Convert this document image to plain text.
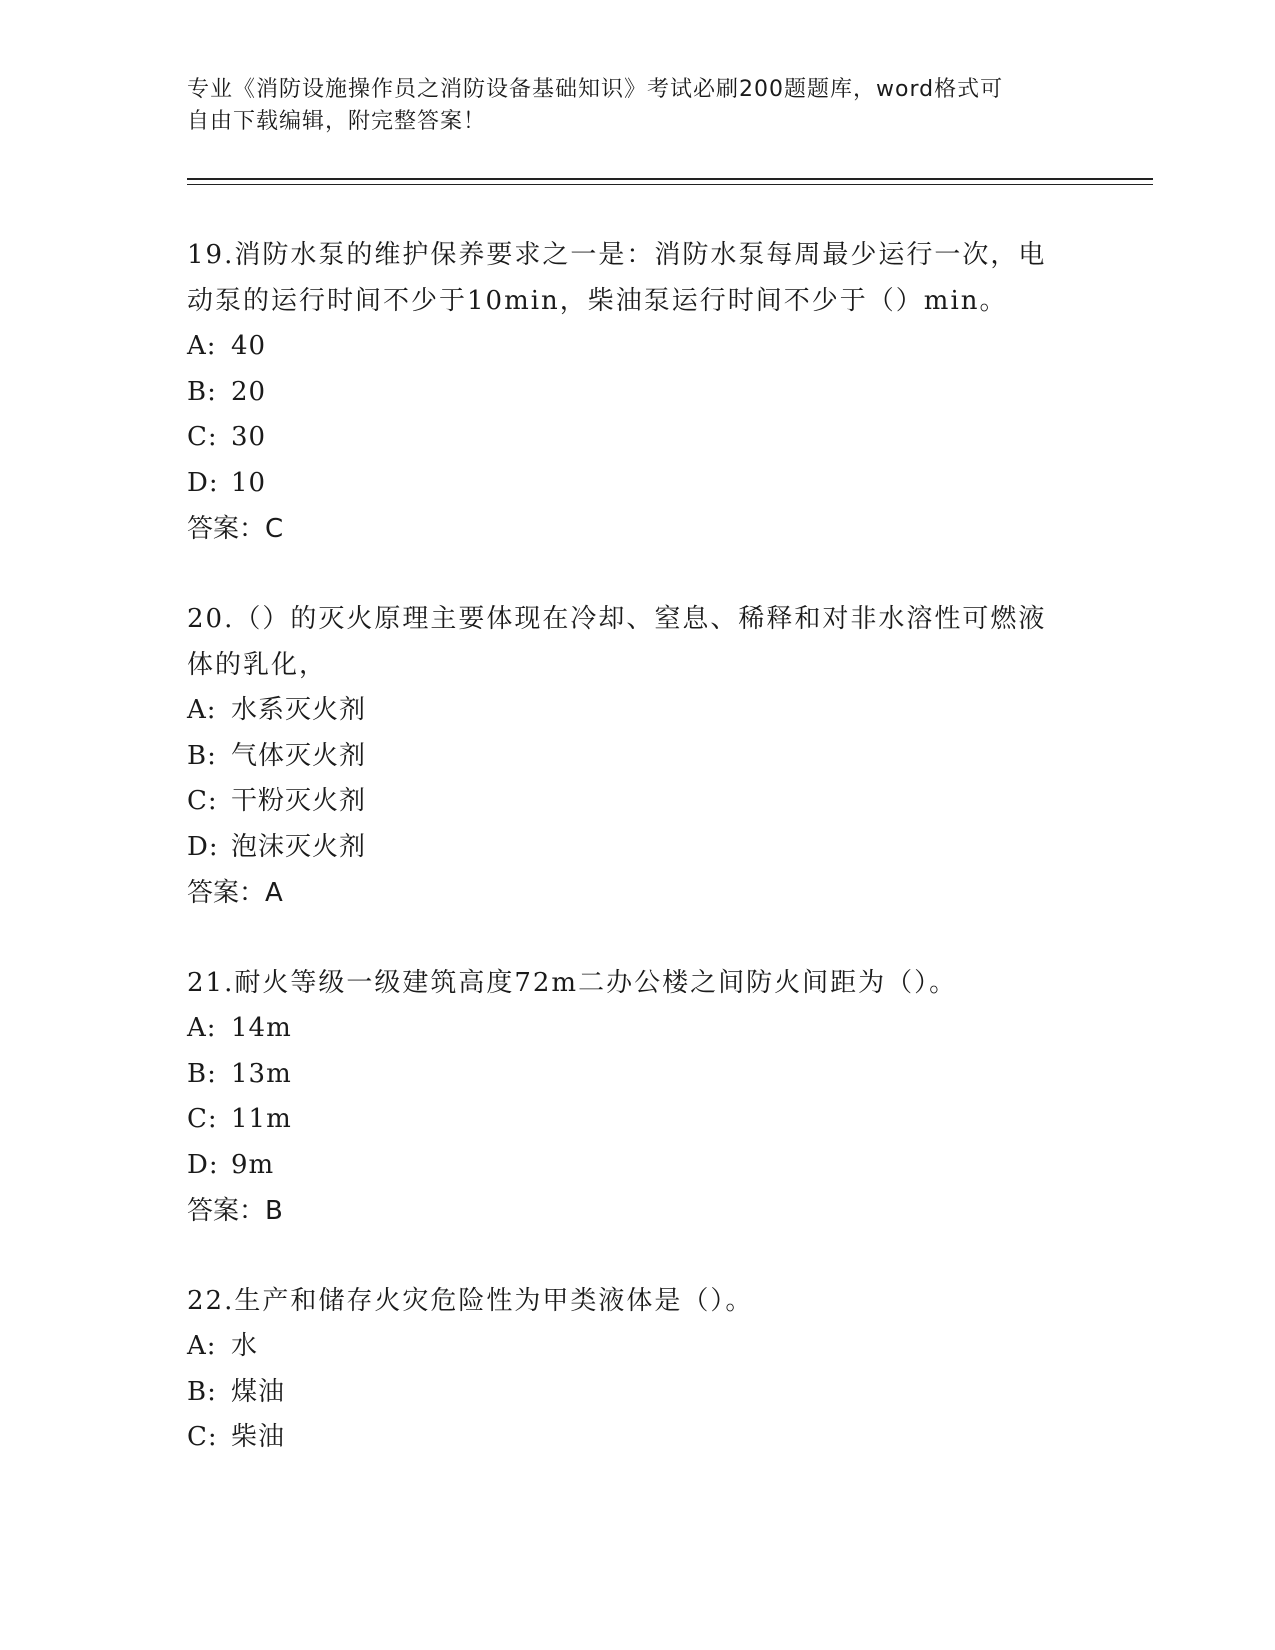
专业《消防设施操作员之消防设备基础知识》考试必刷200题题库，word格式可
自由下载编辑，附完整答案！
19.消防水泵的维护保养要求之一是：消防水泵每周最少运行一次，电
动泵的运行时间不少于10min，柴油泵运行时间不少于（）min。
A: 40
B: 20
C: 30
D: 10
答案：C
20.（）的灭火原理主要体现在冷却、窒息、稀释和对非水溶性可燃液
体的乳化，
A: 水系灭火剂
B: 气体灭火剂
C: 干粉灭火剂
D: 泡沫灭火剂
答案：A
21.耐火等级一级建筑高度72m二办公楼之间防火间距为（）。
A: 14m
B: 13m
C: 11m
D: 9m
答案：B
22.生产和储存火灾危险性为甲类液体是（）。
A: 水
B: 煤油
C: 柴油
